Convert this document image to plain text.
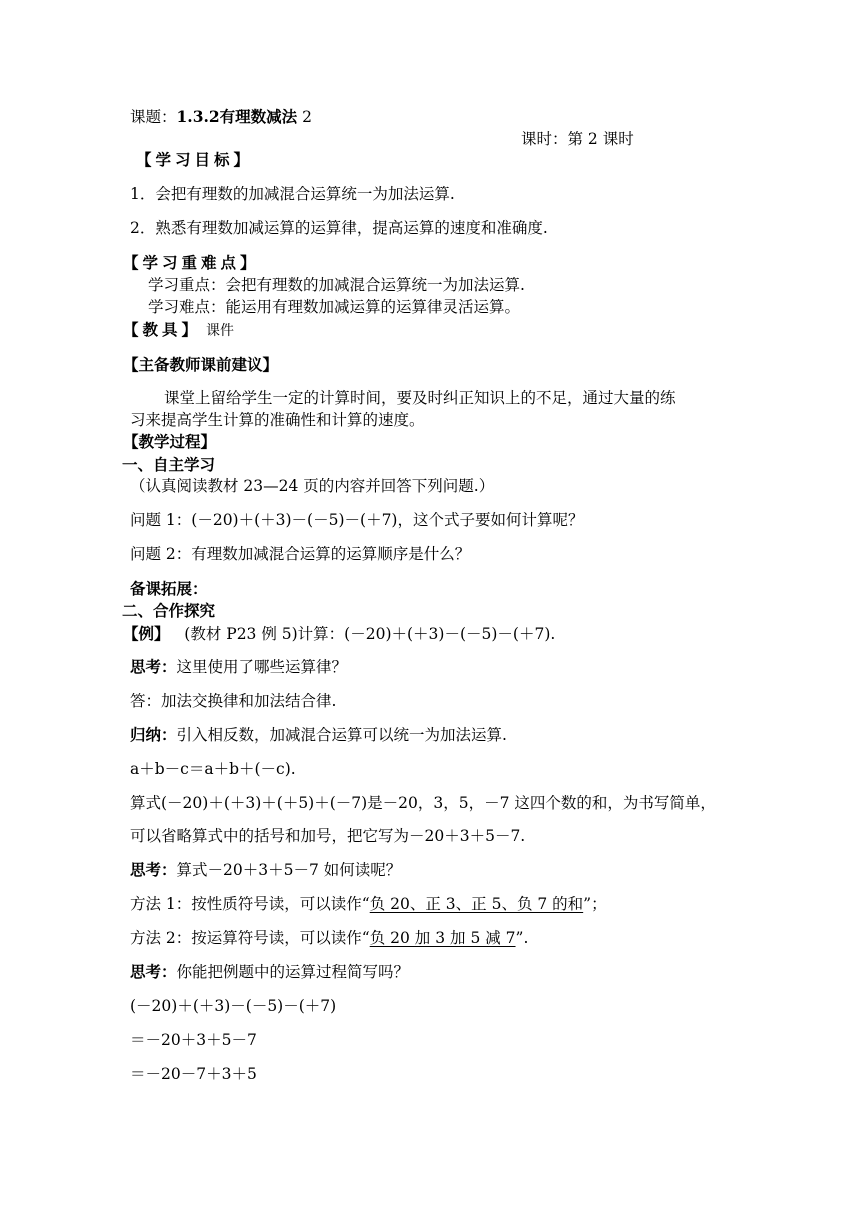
课题：1.3.2有理数减法 2
课时：第 2 课时
【学习目标】
1．会把有理数的加减混合运算统一为加法运算.
2．熟悉有理数加减运算的运算律，提高运算的速度和准确度.
【学习重难点】
学习重点：会把有理数的加减混合运算统一为加法运算.
学习难点：能运用有理数加减运算的运算律灵活运算。
【教具】 课件
【主备教师课前建议】
课堂上留给学生一定的计算时间，要及时纠正知识上的不足，通过大量的练
习来提高学生计算的准确性和计算的速度。
【教学过程】
一、自主学习
（认真阅读教材 23—24 页的内容并回答下列问题.）
问题 1：(－20)＋(＋3)－(－5)－(＋7)，这个式子要如何计算呢？
问题 2：有理数加减混合运算的运算顺序是什么？
备课拓展：
二、合作探究
【例】 (教材 P23 例 5)计算：(－20)＋(＋3)－(－5)－(＋7).
思考：这里使用了哪些运算律？
答：加法交换律和加法结合律.
归纳：引入相反数，加减混合运算可以统一为加法运算.
a＋b－c＝a＋b＋(－c).
算式(－20)＋(＋3)＋(＋5)＋(－7)是－20，3，5，－7 这四个数的和，为书写简单，
可以省略算式中的括号和加号，把它写为－20＋3＋5－7.
思考：算式－20＋3＋5－7 如何读呢？
方法 1：按性质符号读，可以读作“负 20、正 3、正 5、负 7 的和”；
方法 2：按运算符号读，可以读作“负 20 加 3 加 5 减 7”.
思考：你能把例题中的运算过程简写吗？
(－20)＋(＋3)－(－5)－(＋7)
＝－20＋3＋5－7
＝－20－7＋3＋5
